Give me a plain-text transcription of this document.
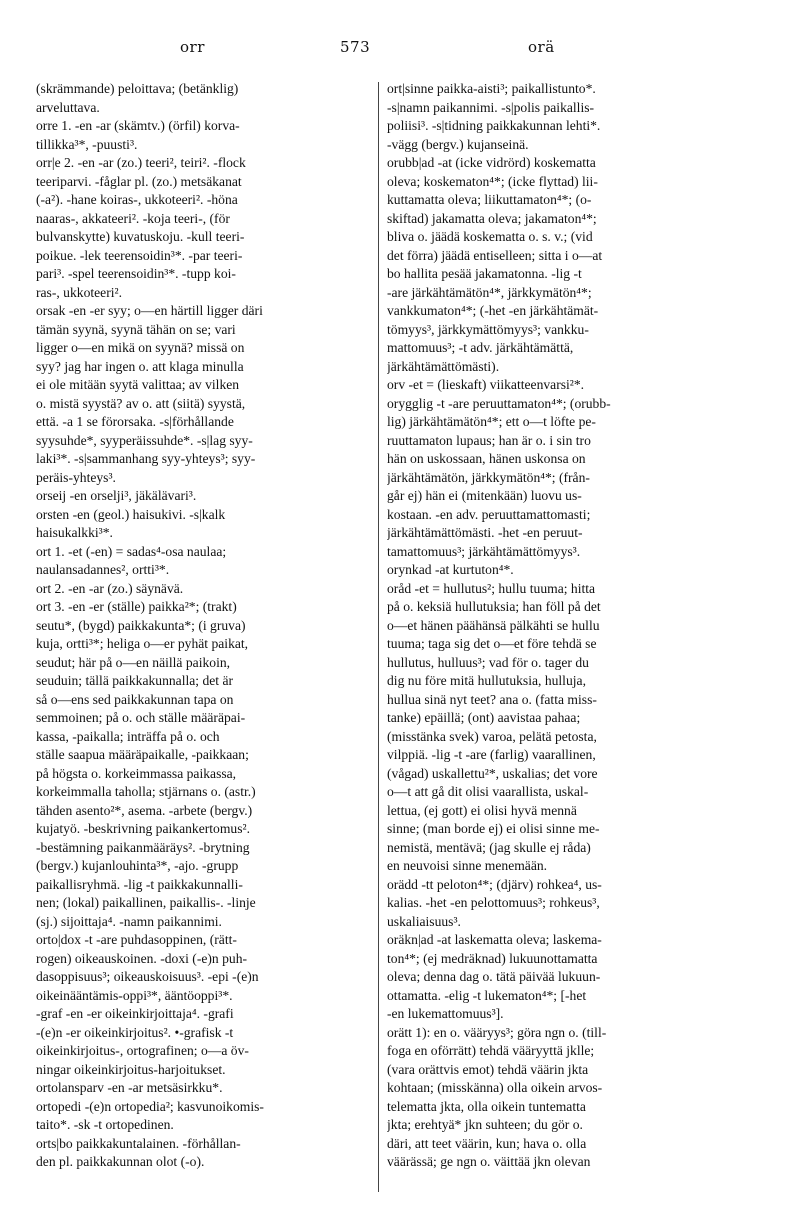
orr	573	orä
(skrämmande) peloittava; (betänklig)
arveluttava.
orre 1. -en -ar (skämtv.) (örfil) korva-
tillikka³*, -puusti³.
orr|e 2. -en -ar (zo.) teeri², teiri². -flock
teeriparvi. -fåglar pl. (zo.) metsäkanat
(-a²). -hane koiras-, ukkoteeri². -höna
naaras-, akkateeri². -koja teeri-, (för
bulvanskytte) kuvatuskoju. -kull teeri-
poikue. -lek teerensoidin³*. -par teeri-
pari³. -spel teerensoidin³*. -tupp koi-
ras-, ukkoteeri².
orsak -en -er syy; o—en härtill ligger däri
tämän syynä, syynä tähän on se; vari
ligger o—en mikä on syynä? missä on
syy? jag har ingen o. att klaga minulla
ei ole mitään syytä valittaa; av vilken
o. mistä syystä? av o. att (siitä) syystä,
että. -a 1 se förorsaka. -s|förhållande
syysuhde*, syyperäissuhde*. -s|lag syy-
laki³*. -s|sammanhang syy-yhteys³; syy-
peräis-yhteys³.
orseij -en orselji³, jäkälävari³.
orsten -en (geol.) haisukivi. -s|kalk
haisukalkki³*.
ort 1. -et (-en) = sadas⁴-osa naulaa;
naulansadannes², ortti³*.
ort 2. -en -ar (zo.) säynävä.
ort 3. -en -er (ställe) paikka²*; (trakt)
seutu*, (bygd) paikkakunta*; (i gruva)
kuja, ortti³*; heliga o—er pyhät paikat,
seudut; här på o—en näillä paikoin,
seuduin; tällä paikkakunnalla; det är
så o—ens sed paikkakunnan tapa on
semmoinen; på o. och ställe määräpai-
kassa, -paikalla; inträffa på o. och
ställe saapua määräpaikalle, -paikkaan;
på högsta o. korkeimmassa paikassa,
korkeimmalla taholla; stjärnans o. (astr.)
tähden asento²*, asema. -arbete (bergv.)
kujatyö. -beskrivning paikankertomus².
-bestämning paikanmääräys². -brytning
(bergv.) kujanlouhinta³*, -ajo. -grupp
paikallisryhmä. -lig -t paikkakunnalli-
nen; (lokal) paikallinen, paikallis-. -linje
(sj.) sijoittaja⁴. -namn paikannimi.
orto|dox -t -are puhdasoppinen, (rätt-
rogen) oikeauskoinen. -doxi (-e)n puh-
dasoppisuus³; oikeauskoisuus³. -epi -(e)n
oikeinääntämis-oppi³*, ääntöoppi³*.
-graf -en -er oikeinkirjoittaja⁴. -grafi
-(e)n -er oikeinkirjoitus². •-grafisk -t
oikeinkirjoitus-, ortografinen; o—a öv-
ningar oikeinkirjoitus-harjoitukset.
ortolansparv -en -ar metsäsirkku*.
ortopedi -(e)n ortopedia²; kasvunoikomis-
taito*. -sk -t ortopedinen.
orts|bo paikkakuntalainen. -förhållan-
den pl. paikkakunnan olot (-o).
ort|sinne paikka-aisti³; paikallistunto*.
-s|namn paikannimi. -s|polis paikallis-
poliisi³. -s|tidning paikkakunnan lehti*.
-vägg (bergv.) kujanseinä.
orubb|ad -at (icke vidrörd) koskematta
oleva; koskematon⁴*; (icke flyttad) lii-
kuttamatta oleva; liikuttamaton⁴*; (o-
skiftad) jakamatta oleva; jakamaton⁴*;
bliva o. jäädä koskematta o. s. v.; (vid
det förra) jäädä entiselleen; sitta i o—at
bo hallita pesää jakamatonna. -lig -t
-are järkähtämätön⁴*, järkkymätön⁴*;
vankkumaton⁴*; (-het -en järkähtämät-
tömyys³, järkkymättömyys³; vankku-
mattomuus³; -t adv. järkähtämättä,
järkähtämättömästi).
orv -et = (lieskaft) viikatteenvarsi²*.
orygglig -t -are peruuttamaton⁴*; (orubb-
lig) järkähtämätön⁴*; ett o—t löfte pe-
ruuttamaton lupaus; han är o. i sin tro
hän on uskossaan, hänen uskonsa on
järkähtämätön, järkkymätön⁴*; (från-
går ej) hän ei (mitenkään) luovu us-
kostaan. -en adv. peruuttamattomasti;
järkähtämättömästi. -het -en peruut-
tamattomuus³; järkähtämättömyys³.
orynkad -at kurtuton⁴*.
oråd -et = hullutus²; hullu tuuma; hitta
på o. keksiä hullutuksia; han föll på det
o—et hänen päähänsä pälkähti se hullu
tuuma; taga sig det o—et före tehdä se
hullutus, hulluus³; vad för o. tager du
dig nu före mitä hullutuksia, hulluja,
hullua sinä nyt teet? ana o. (fatta miss-
tanke) epäillä; (ont) aavistaa pahaa;
(misstänka svek) varoa, pelätä petosta,
vilppiä. -lig -t -are (farlig) vaarallinen,
(vågad) uskallettu²*, uskalias; det vore
o—t att gå dit olisi vaarallista, uskal-
lettua, (ej gott) ei olisi hyvä mennä
sinne; (man borde ej) ei olisi sinne me-
nemistä, mentävä; (jag skulle ej råda)
en neuvoisi sinne menemään.
orädd -tt peloton⁴*; (djärv) rohkea⁴, us-
kalias. -het -en pelottomuus³; rohkeus³,
uskaliaisuus³.
oräkn|ad -at laskematta oleva; laskema-
ton⁴*; (ej medräknad) lukuunottamatta
oleva; denna dag o. tätä päivää lukuun-
ottamatta. -elig -t lukematon⁴*; [-het
-en lukemattomuus³].
orätt 1): en o. vääryys³; göra ngn o. (till-
foga en oförrätt) tehdä vääryyttä jklle;
(vara orättvis emot) tehdä väärin jkta
kohtaan; (misskänna) olla oikein arvos-
telematta jkta, olla oikein tuntematta
jkta; erehtyä* jkn suhteen; du gör o.
däri, att teet väärin, kun; hava o. olla
väärässä; ge ngn o. väittää jkn olevan
